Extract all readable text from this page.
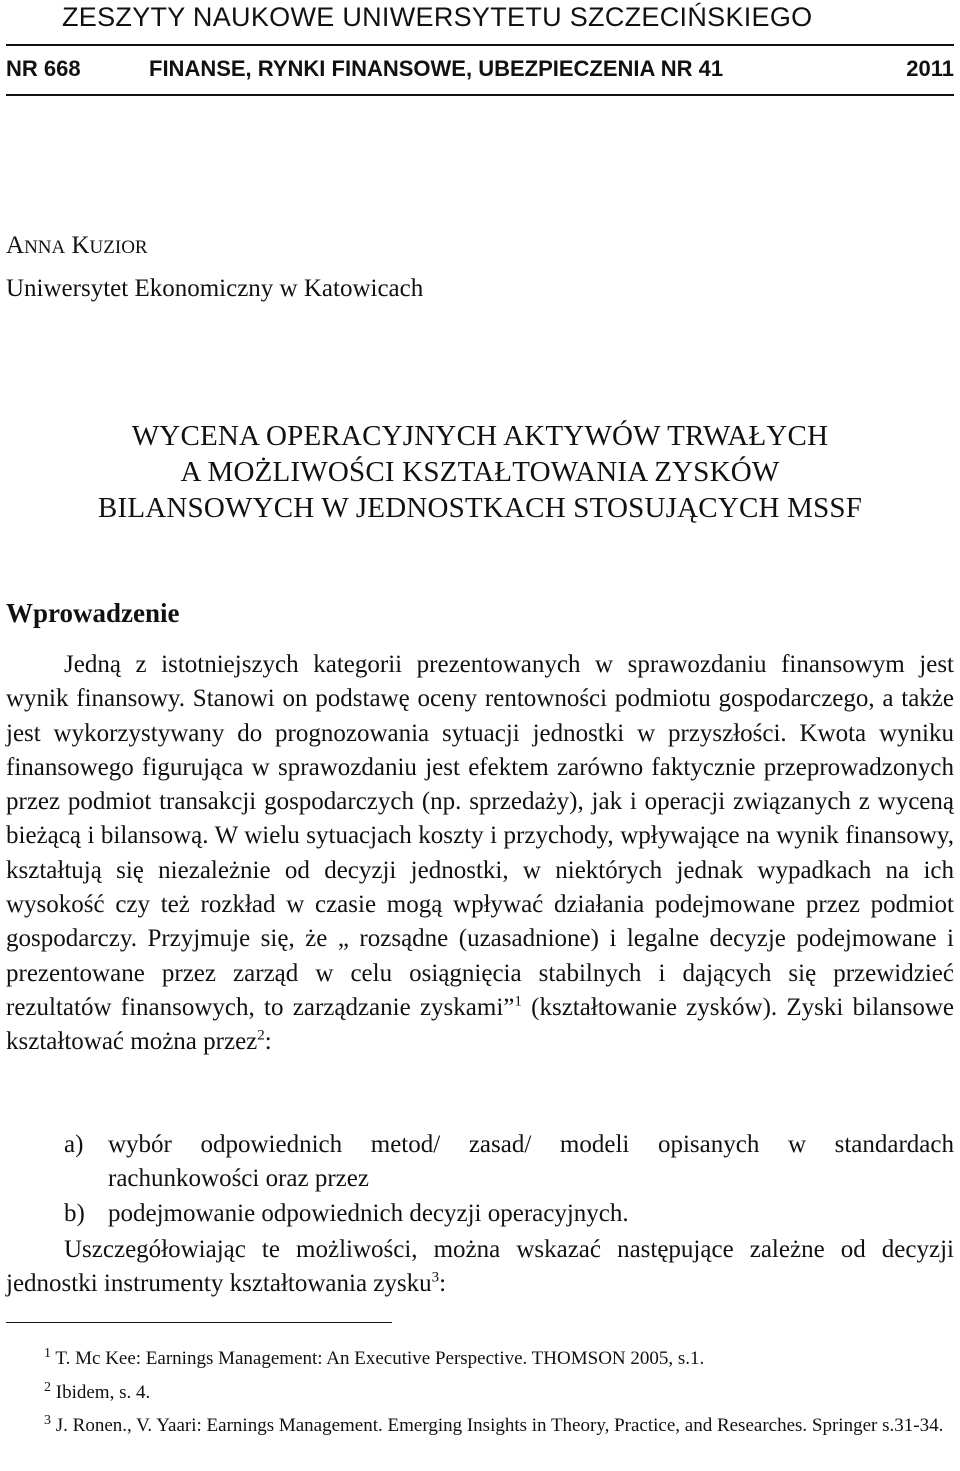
ZESZYTY NAUKOWE UNIWERSYTETU SZCZECIŃSKIEGO
NR 668	FINANSE, RYNKI FINANSOWE, UBEZPIECZENIA NR 41	2011
ANNA KUZIOR
Uniwersytet Ekonomiczny w Katowicach
WYCENA OPERACYJNYCH AKTYWÓW TRWAŁYCH
A MOŻLIWOŚCI KSZTAŁTOWANIA ZYSKÓW
BILANSOWYCH W JEDNOSTKACH STOSUJĄCYCH MSSF
Wprowadzenie

Jedną z istotniejszych kategorii prezentowanych w sprawozdaniu finansowym jest wynik finansowy. Stanowi on podstawę oceny rentowności podmiotu gospodarczego, a także jest wykorzystywany do prognozowania sytuacji jednostki w przyszłości. Kwota wyniku finansowego figurująca w sprawozdaniu jest efektem zarówno faktycznie przeprowadzonych przez podmiot transakcji gospodarczych (np. sprzedaży), jak i operacji związanych z wyceną bieżącą i bilansową. W wielu sytuacjach koszty i przychody, wpływające na wynik finansowy, kształtują się niezależnie od decyzji jednostki, w niektórych jednak wypadkach na ich wysokość czy też rozkład w czasie mogą wpływać działania podejmowane przez podmiot gospodarczy. Przyjmuje się, że „ rozsądne (uzasadnione) i legalne decyzje podejmowane i prezentowane przez zarząd w celu osiągnięcia stabilnych i dających się przewidzieć rezultatów finansowych, to zarządzanie zyskami”$^1$ (kształtowanie zysków). Zyski bilansowe kształtować można przez$^2$:

a) wybór odpowiednich metod/ zasad/ modeli opisanych w standardach rachunkowości oraz przez
b) podejmowanie odpowiednich decyzji operacyjnych.

Uszczegółowiając te możliwości, można wskazać następujące zależne od decyzji jednostki instrumenty kształtowania zysku$^3$:

$^1$ T. Mc Kee: Earnings Management: An Executive Perspective. THOMSON 2005, s.1.
$^2$ Ibidem, s. 4.
$^3$ J. Ronen., V. Yaari: Earnings Management. Emerging Insights in Theory, Practice, and Researches. Springer s.31-34.
